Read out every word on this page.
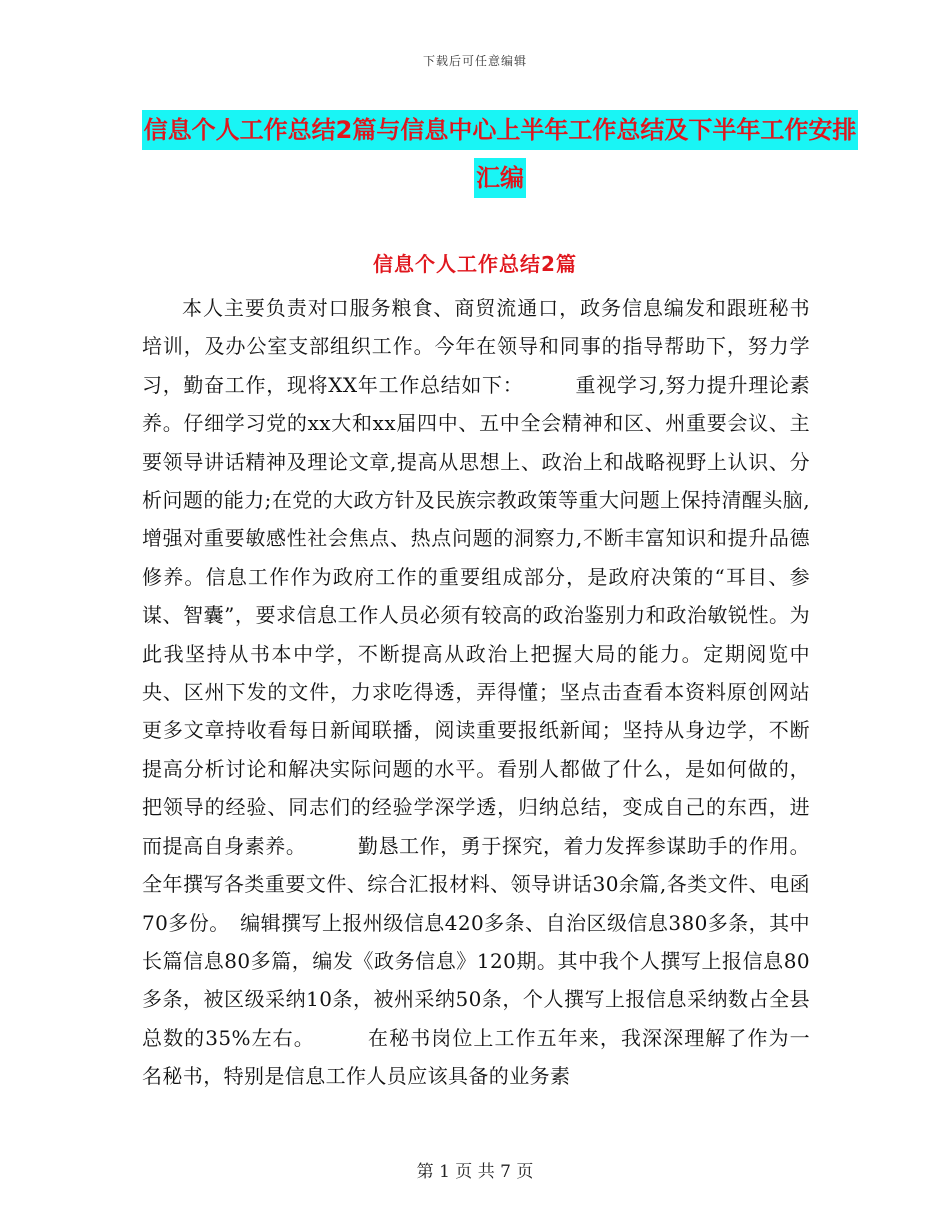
下载后可任意编辑
信息个人工作总结2篇与信息中心上半年工作总结及下半年工作安排汇编
信息个人工作总结2篇

本人主要负责对口服务粮食、商贸流通口，政务信息编发和跟班秘书培训，及办公室支部组织工作。今年在领导和同事的指导帮助下，努力学习，勤奋工作，现将XX年工作总结如下：　　　重视学习,努力提升理论素养。仔细学习党的xx大和xx届四中、五中全会精神和区、州重要会议、主要领导讲话精神及理论文章,提高从思想上、政治上和战略视野上认识、分析问题的能力;在党的大政方针及民族宗教政策等重大问题上保持清醒头脑,增强对重要敏感性社会焦点、热点问题的洞察力,不断丰富知识和提升品德修养。信息工作作为政府工作的重要组成部分，是政府决策的“耳目、参谋、智囊”，要求信息工作人员必须有较高的政治鉴别力和政治敏锐性。为此我坚持从书本中学，不断提高从政治上把握大局的能力。定期阅览中央、区州下发的文件，力求吃得透，弄得懂；坚点击查看本资料原创网站更多文章持收看每日新闻联播，阅读重要报纸新闻；坚持从身边学，不断提高分析讨论和解决实际问题的水平。看别人都做了什么，是如何做的，把领导的经验、同志们的经验学深学透，归纳总结，变成自己的东西，进而提高自身素养。　　　勤恳工作，勇于探究，着力发挥参谋助手的作用。全年撰写各类重要文件、综合汇报材料、领导讲话30余篇,各类文件、电函70多份。　编辑撰写上报州级信息420多条、自治区级信息380多条，其中长篇信息80多篇，编发《政务信息》120期。其中我个人撰写上报信息80多条，被区级采纳10条，被州采纳50条，个人撰写上报信息采纳数占全县总数的35%左右。　　　在秘书岗位上工作五年来，我深深理解了作为一名秘书，特别是信息工作人员应该具备的业务素

第 1 页 共 7 页
